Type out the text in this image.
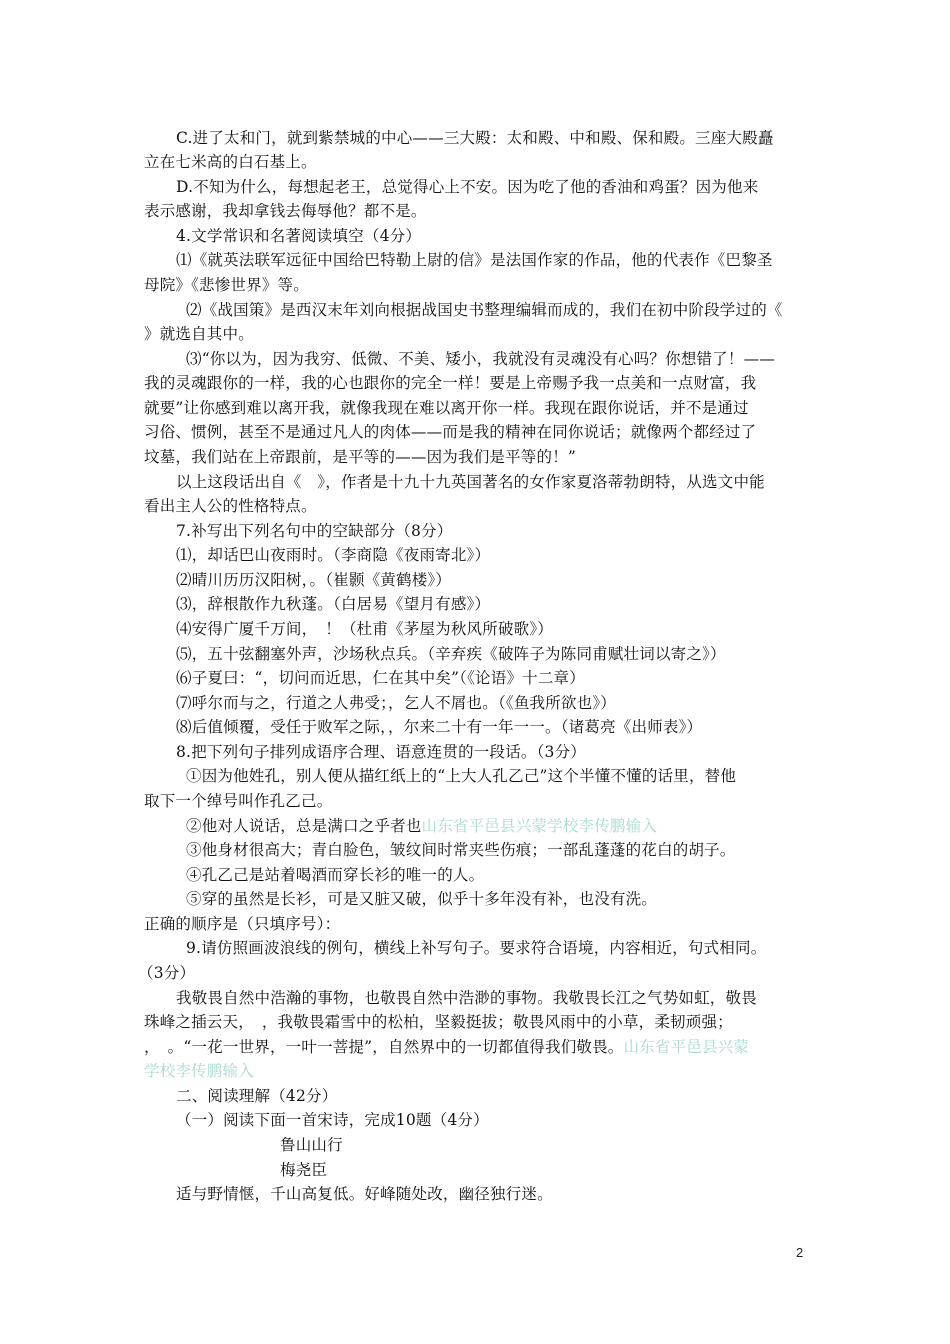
C.进了太和门，就到紫禁城的中心——三大殿：太和殿、中和殿、保和殿。三座大殿矗
立在七米高的白石基上。
D.不知为什么，每想起老王，总觉得心上不安。因为吃了他的香油和鸡蛋？因为他来
表示感谢，我却拿钱去侮辱他？都不是。
4.文学常识和名著阅读填空（4分）
⑴《就英法联军远征中国给巴特勒上尉的信》是法国作家的作品，他的代表作《巴黎圣
母院》《悲惨世界》等。
⑵《战国策》是西汉末年刘向根据战国史书整理编辑而成的，我们在初中阶段学过的《
》就选自其中。
⑶“你以为，因为我穷、低微、不美、矮小，我就没有灵魂没有心吗？你想错了！——
我的灵魂跟你的一样，我的心也跟你的完全一样！要是上帝赐予我一点美和一点财富，我
就要”让你感到难以离开我，就像我现在难以离开你一样。我现在跟你说话，并不是通过
习俗、惯例，甚至不是通过凡人的肉体——而是我的精神在同你说话；就像两个都经过了
坟墓，我们站在上帝跟前，是平等的——因为我们是平等的！”
以上这段话出自《　》，作者是十九十九英国著名的女作家夏洛蒂勃朗特，从选文中能
看出主人公的性格特点。
7.补写出下列名句中的空缺部分（8分）
⑴，却话巴山夜雨时。（李商隐《夜雨寄北》）
⑵晴川历历汉阳树，。（崔颢《黄鹤楼》）
⑶，辞根散作九秋蓬。（白居易《望月有感》）
⑷安得广厦千万间，　！（杜甫《茅屋为秋风所破歌》）
⑸，五十弦翻塞外声，沙场秋点兵。（辛弃疾《破阵子为陈同甫赋壮词以寄之》）
⑹子夏曰：“，切问而近思，仁在其中矣”（《论语》十二章）
⑺呼尔而与之，行道之人弗受；，乞人不屑也。（《鱼我所欲也》）
⑻后值倾覆，受任于败军之际，，尔来二十有一年一一。（诸葛亮《出师表》）
8.把下列句子排列成语序合理、语意连贯的一段话。（3分）
①因为他姓孔，别人便从描红纸上的“上大人孔乙己”这个半懂不懂的话里，替他
取下一个绰号叫作孔乙己。
②他对人说话，总是满口之乎者也山东省平邑县兴蒙学校李传鹏输入
③他身材很高大；青白脸色，皱纹间时常夹些伤痕；一部乱蓬蓬的花白的胡子。
④孔乙己是站着喝酒而穿长衫的唯一的人。
⑤穿的虽然是长衫，可是又脏又破，似乎十多年没有补，也没有洗。
正确的顺序是（只填序号）：
9.请仿照画波浪线的例句，横线上补写句子。要求符合语境，内容相近，句式相同。
（3分）
我敬畏自然中浩瀚的事物，也敬畏自然中浩渺的事物。我敬畏长江之气势如虹，敬畏
珠峰之插云天，　，我敬畏霜雪中的松柏，坚毅挺拔；敬畏风雨中的小草，柔韧顽强；
，　。“一花一世界，一叶一菩提”，自然界中的一切都值得我们敬畏。山东省平邑县兴蒙
学校李传鹏输入
二、阅读理解（42分）
（一）阅读下面一首宋诗，完成10题（4分）
鲁山山行
梅尧臣
适与野情惬，千山高复低。好峰随处改，幽径独行迷。
2
